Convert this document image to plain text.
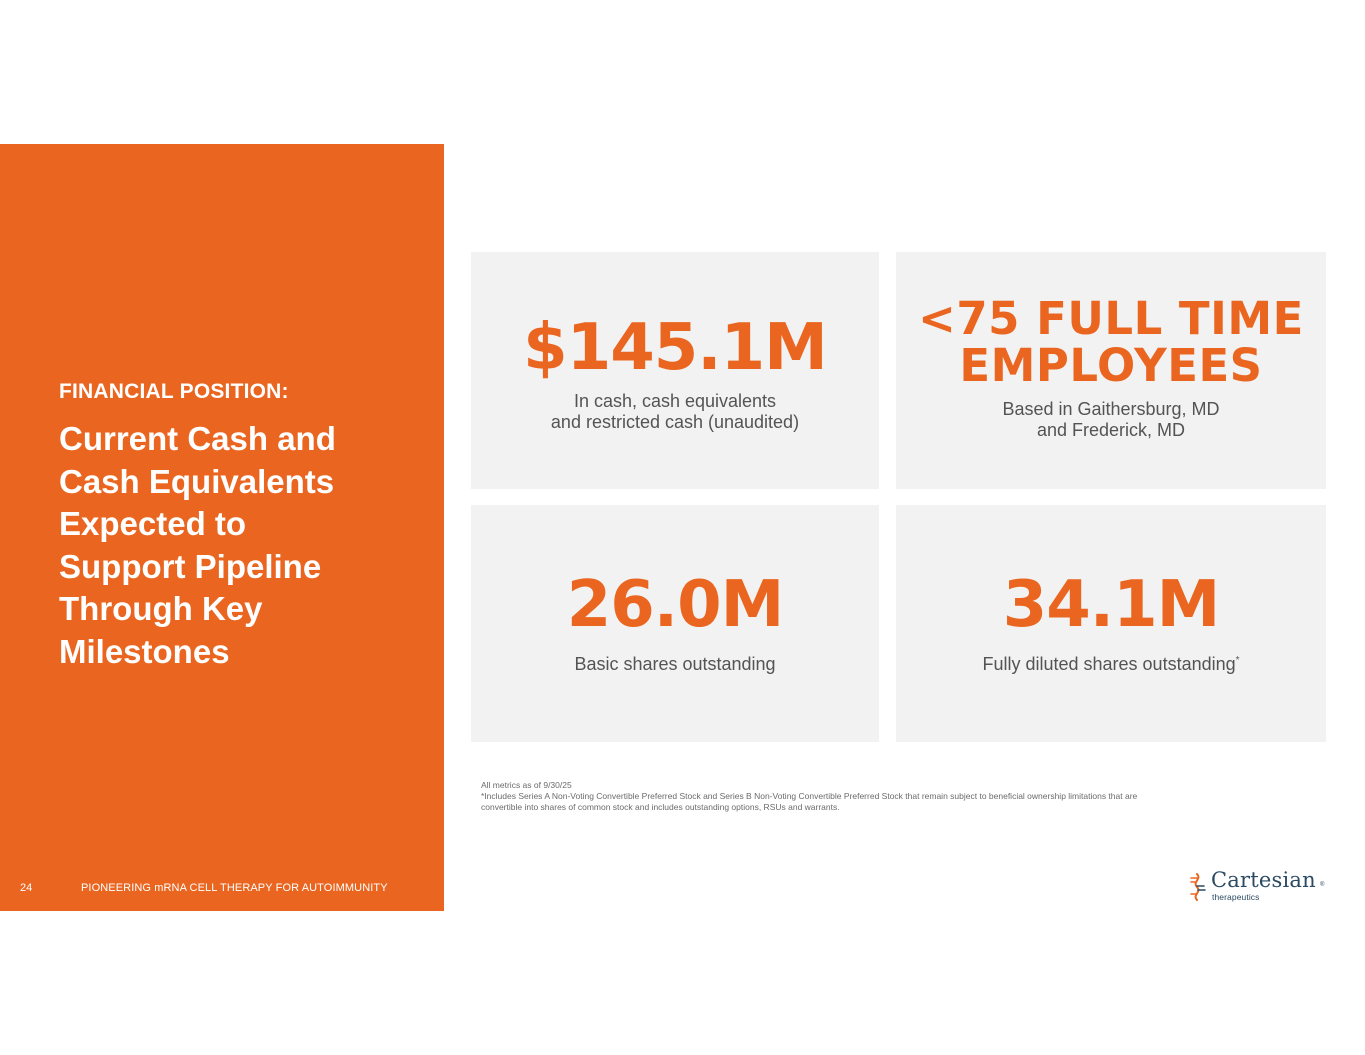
FINANCIAL POSITION:
Current Cash and
Cash Equivalents
Expected to
Support Pipeline
Through Key
Milestones
24	PIONEERING mRNA CELL THERAPY FOR AUTOIMMUNITY
$145.1M
In cash, cash equivalents
and restricted cash (unaudited)
<75 FULL TIME
EMPLOYEES
Based in Gaithersburg, MD
and Frederick, MD
26.0M
Basic shares outstanding
34.1M
Fully diluted shares outstanding*
All metrics as of 9/30/25
*Includes Series A Non-Voting Convertible Preferred Stock and Series B Non-Voting Convertible Preferred Stock that remain subject to beneficial ownership limitations that are
convertible into shares of common stock and includes outstanding options, RSUs and warrants.
Cartesian ®
therapeutics
